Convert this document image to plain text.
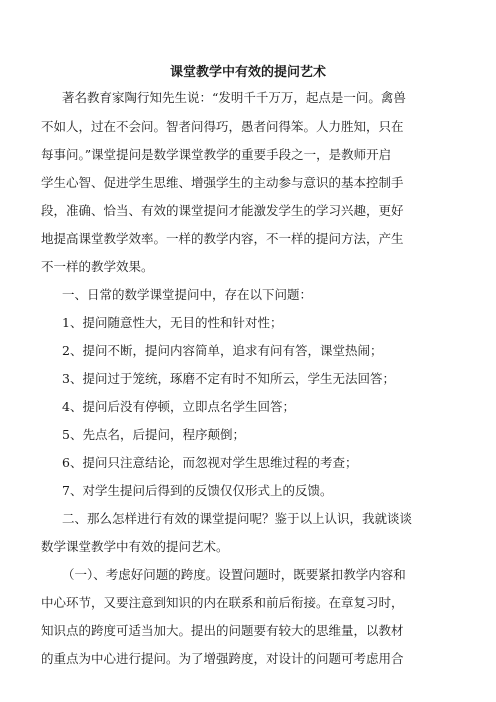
课堂教学中有效的提问艺术
著名教育家陶行知先生说：“发明千千万万，起点是一问。禽兽
不如人，过在不会问。智者问得巧，愚者问得笨。人力胜知，只在
每事问。”课堂提问是数学课堂教学的重要手段之一，是教师开启
学生心智、促进学生思维、增强学生的主动参与意识的基本控制手
段，准确、恰当、有效的课堂提问才能激发学生的学习兴趣，更好
地提高课堂教学效率。一样的教学内容，不一样的提问方法，产生
不一样的教学效果。
一、日常的数学课堂提问中，存在以下问题：
1、提问随意性大，无目的性和针对性；
2、提问不断，提问内容简单，追求有问有答，课堂热闹；
3、提问过于笼统，琢磨不定有时不知所云，学生无法回答；
4、提问后没有停顿，立即点名学生回答；
5、先点名，后提问，程序颠倒；
6、提问只注意结论，而忽视对学生思维过程的考查；
7、对学生提问后得到的反馈仅仅形式上的反馈。
二、那么怎样进行有效的课堂提问呢？鉴于以上认识，我就谈谈
数学课堂教学中有效的提问艺术。
（一）、考虑好问题的跨度。设置问题时，既要紧扣教学内容和
中心环节，又要注意到知识的内在联系和前后衔接。在章复习时，
知识点的跨度可适当加大。提出的问题要有较大的思维量，以教材
的重点为中心进行提问。为了增强跨度，对设计的问题可考虑用合
